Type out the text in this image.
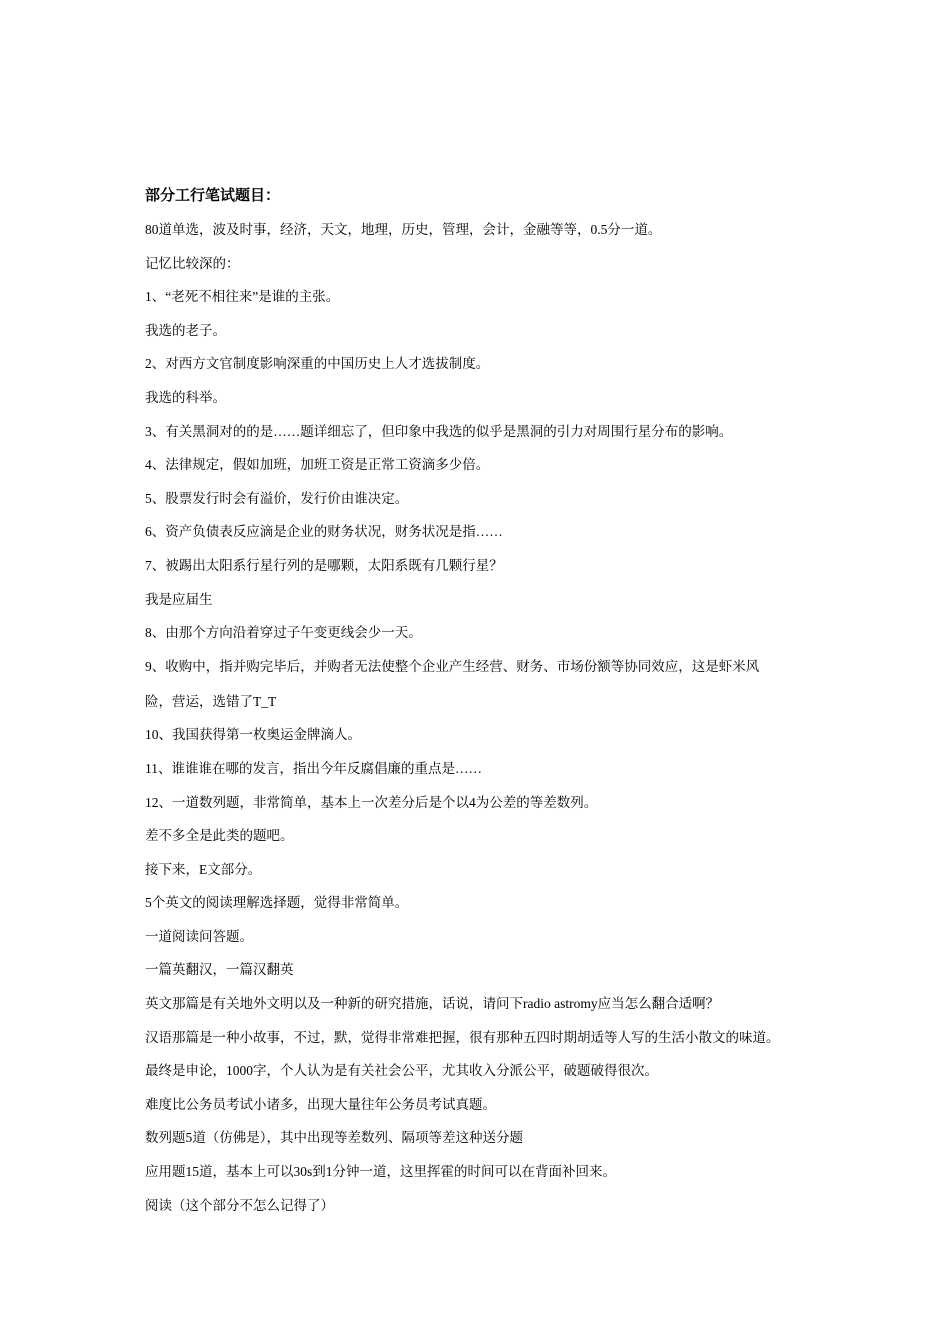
部分工行笔试题目：
80道单选，波及时事，经济，天文，地理，历史，管理，会计，金融等等，0.5分一道。
记忆比较深的：
1、“老死不相往来”是谁的主张。
我选的老子。
2、对西方文官制度影响深重的中国历史上人才选拔制度。
我选的科举。
3、有关黑洞对的的是……题详细忘了，但印象中我选的似乎是黑洞的引力对周围行星分布的影响。
4、法律规定，假如加班，加班工资是正常工资滴多少倍。
5、股票发行时会有溢价，发行价由谁决定。
6、资产负债表反应滴是企业的财务状况，财务状况是指……
7、被踢出太阳系行星行列的是哪颗，太阳系既有几颗行星？
我是应届生
8、由那个方向沿着穿过子午变更线会少一天。
9、收购中，指并购完毕后，并购者无法使整个企业产生经营、财务、市场份额等协同效应，这是虾米风
险，营运，选错了T_T
10、我国获得第一枚奥运金牌滴人。
11、谁谁谁在哪的发言，指出今年反腐倡廉的重点是……
12、一道数列题，非常简单，基本上一次差分后是个以4为公差的等差数列。
差不多全是此类的题吧。
接下来，E文部分。
5个英文的阅读理解选择题，觉得非常简单。
一道阅读问答题。
一篇英翻汉，一篇汉翻英
英文那篇是有关地外文明以及一种新的研究措施，话说，请问下radio astromy应当怎么翻合适啊？
汉语那篇是一种小故事，不过，默，觉得非常难把握，很有那种五四时期胡适等人写的生活小散文的味道。
最终是申论，1000字，个人认为是有关社会公平，尤其收入分派公平，破题破得很次。
难度比公务员考试小诸多，出现大量往年公务员考试真题。
数列题5道（仿佛是），其中出现等差数列、隔项等差这种送分题
应用题15道，基本上可以30s到1分钟一道，这里挥霍的时间可以在背面补回来。
阅读（这个部分不怎么记得了）
